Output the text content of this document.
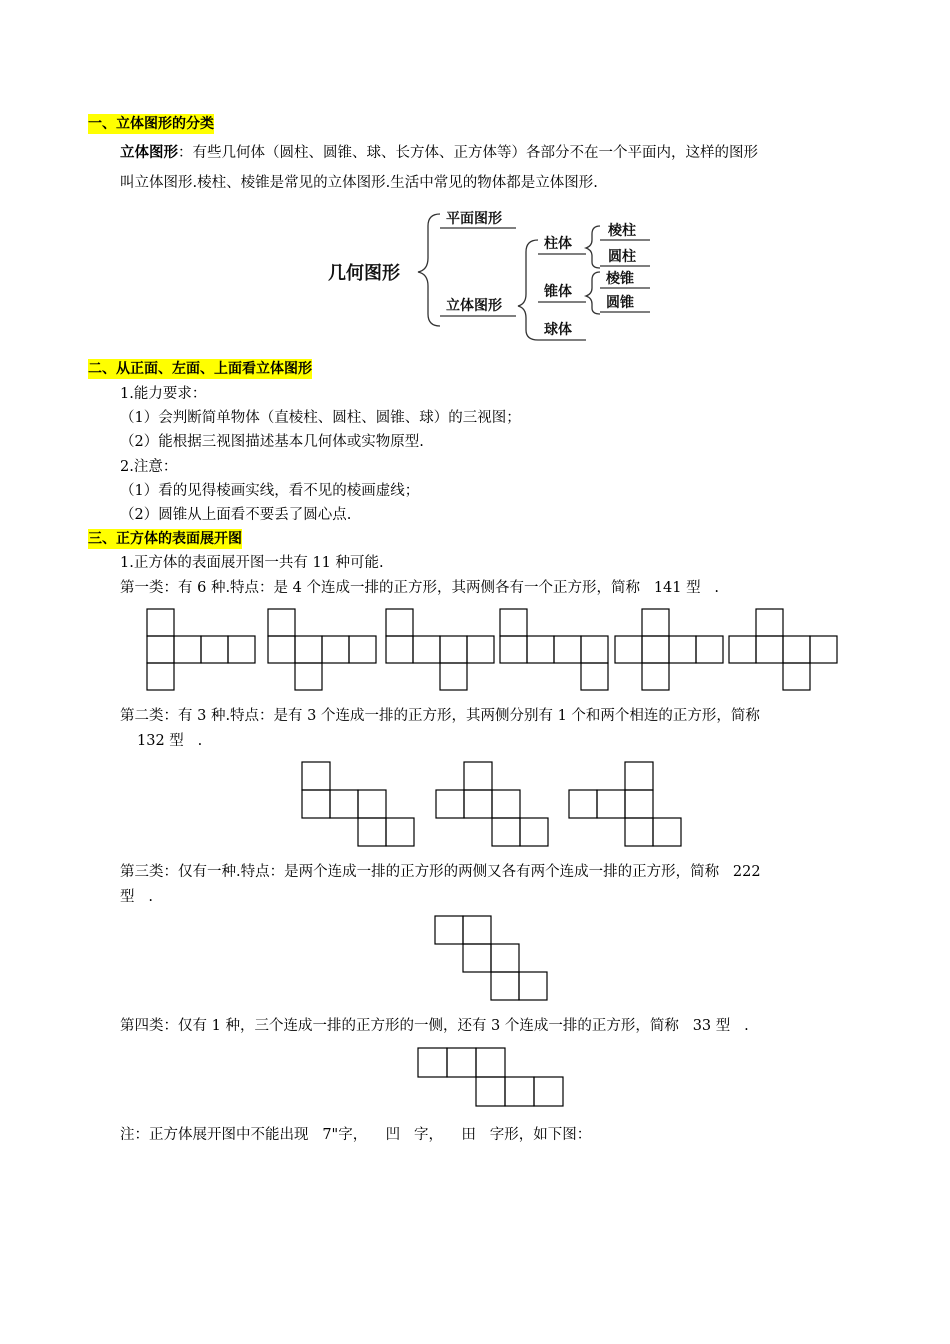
一、立体图形的分类
立体图形：有些几何体（圆柱、圆锥、球、长方体、正方体等）各部分不在一个平面内，这样的图形
叫立体图形.棱柱、棱锥是常见的立体图形.生活中常见的物体都是立体图形.
几何图形
平面图形
立体图形
柱体
锥体
球体
棱柱
圆柱
棱锥
圆锥
二、从正面、左面、上面看立体图形
1.能力要求：
（1）会判断简单物体（直棱柱、圆柱、圆锥、球）的三视图；
（2）能根据三视图描述基本几何体或实物原型.
2.注意：
（1）看的见得棱画实线，看不见的棱画虚线；
（2）圆锥从上面看不要丢了圆心点.
三、正方体的表面展开图
1.正方体的表面展开图一共有 11 种可能.
第一类：有 6 种.特点：是 4 个连成一排的正方形，其两侧各有一个正方形，简称   141 型   .
第二类：有 3 种.特点：是有 3 个连成一排的正方形，其两侧分别有 1 个和两个相连的正方形，简称
132 型   .
第三类：仅有一种.特点：是两个连成一排的正方形的两侧又各有两个连成一排的正方形，简称   222
型   .
第四类：仅有 1 种，三个连成一排的正方形的一侧，还有 3 个连成一排的正方形，简称   33 型   .
注：正方体展开图中不能出现   7"字，    凹   字，    田   字形，如下图：
